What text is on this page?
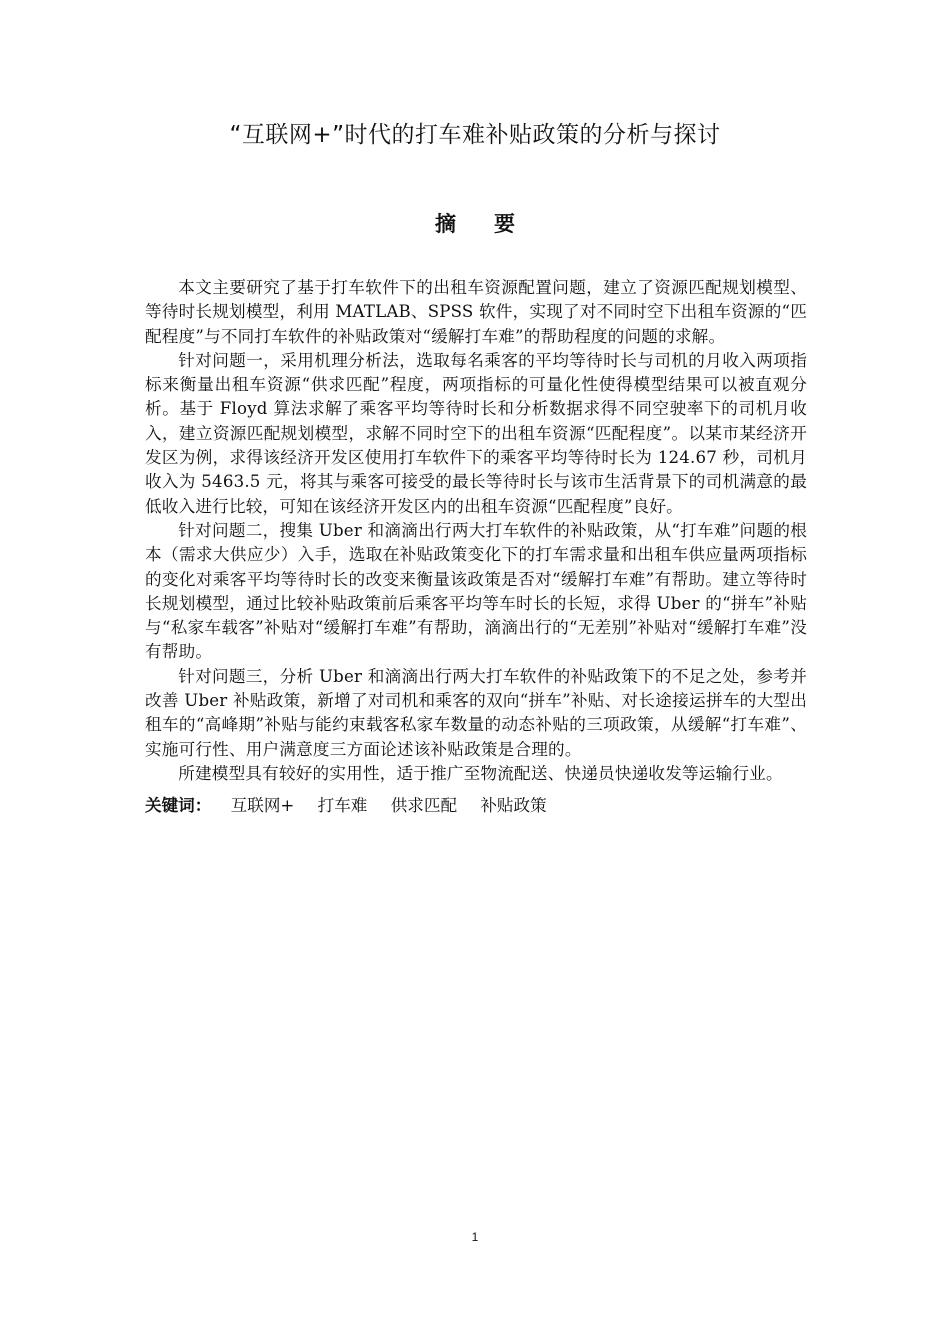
“互联网+”时代的打车难补贴政策的分析与探讨
摘要

本文主要研究了基于打车软件下的出租车资源配置问题，建立了资源匹配规划模型、等待时长规划模型，利用 MATLAB、SPSS 软件，实现了对不同时空下出租车资源的“匹配程度”与不同打车软件的补贴政策对“缓解打车难”的帮助程度的问题的求解。

针对问题一，采用机理分析法，选取每名乘客的平均等待时长与司机的月收入两项指标来衡量出租车资源“供求匹配”程度，两项指标的可量化性使得模型结果可以被直观分析。基于 Floyd 算法求解了乘客平均等待时长和分析数据求得不同空驶率下的司机月收入，建立资源匹配规划模型，求解不同时空下的出租车资源“匹配程度”。以某市某经济开发区为例，求得该经济开发区使用打车软件下的乘客平均等待时长为 124.67 秒，司机月收入为 5463.5 元，将其与乘客可接受的最长等待时长与该市生活背景下的司机满意的最低收入进行比较，可知在该经济开发区内的出租车资源“匹配程度”良好。

针对问题二，搜集 Uber 和滴滴出行两大打车软件的补贴政策，从“打车难”问题的根本（需求大供应少）入手，选取在补贴政策变化下的打车需求量和出租车供应量两项指标的变化对乘客平均等待时长的改变来衡量该政策是否对“缓解打车难”有帮助。建立等待时长规划模型，通过比较补贴政策前后乘客平均等车时长的长短，求得 Uber 的“拼车”补贴与“私家车载客”补贴对“缓解打车难”有帮助，滴滴出行的“无差别”补贴对“缓解打车难”没有帮助。

针对问题三，分析 Uber 和滴滴出行两大打车软件的补贴政策下的不足之处，参考并改善 Uber 补贴政策，新增了对司机和乘客的双向“拼车”补贴、对长途接运拼车的大型出租车的“高峰期”补贴与能约束载客私家车数量的动态补贴的三项政策，从缓解“打车难”、实施可行性、用户满意度三方面论述该补贴政策是合理的。

所建模型具有较好的实用性，适于推广至物流配送、快递员快递收发等运输行业。

关键词： 互联网+ 打车难 供求匹配 补贴政策
1
